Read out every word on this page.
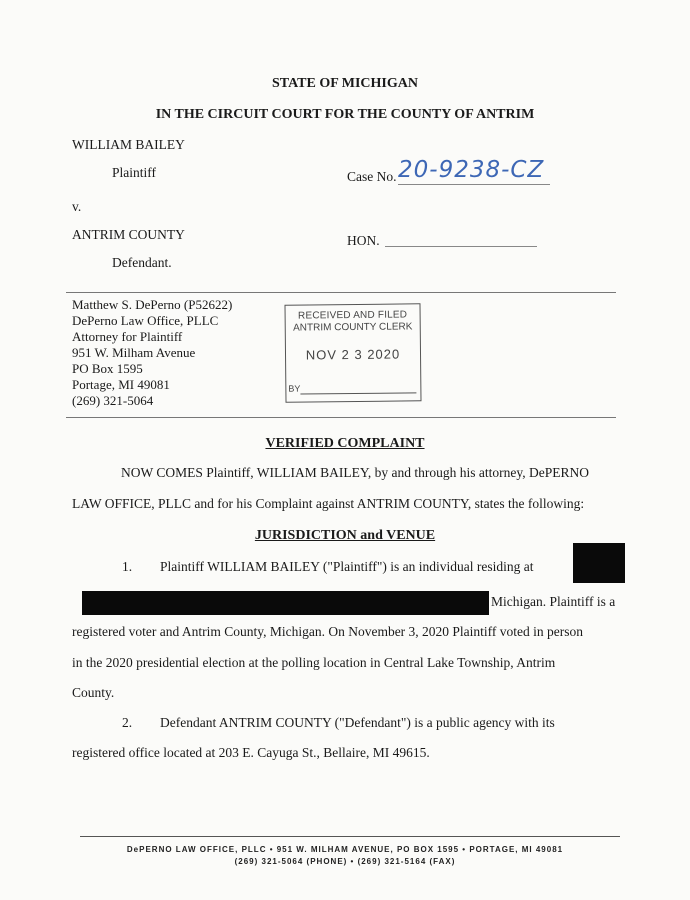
STATE OF MICHIGAN
IN THE CIRCUIT COURT FOR THE COUNTY OF ANTRIM
WILLIAM BAILEY
Plaintiff	Case No. 20-9238-CZ
v.
ANTRIM COUNTY	HON.
Defendant.
Matthew S. DePerno (P52622)
DePerno Law Office, PLLC
Attorney for Plaintiff
951 W. Milham Avenue
PO Box 1595
Portage, MI 49081
(269) 321-5064
RECEIVED AND FILED
ANTRIM COUNTY CLERK
NOV 2 3 2020
BY
VERIFIED COMPLAINT
NOW COMES Plaintiff, WILLIAM BAILEY, by and through his attorney, DePERNO
LAW OFFICE, PLLC and for his Complaint against ANTRIM COUNTY, states the following:
JURISDICTION and VENUE
1. Plaintiff WILLIAM BAILEY ("Plaintiff") is an individual residing at
Michigan. Plaintiff is a
registered voter and Antrim County, Michigan. On November 3, 2020 Plaintiff voted in person
in the 2020 presidential election at the polling location in Central Lake Township, Antrim
County.
2. Defendant ANTRIM COUNTY ("Defendant") is a public agency with its
registered office located at 203 E. Cayuga St., Bellaire, MI 49615.
DePERNO LAW OFFICE, PLLC • 951 W. MILHAM AVENUE, PO BOX 1595 • PORTAGE, MI 49081
(269) 321-5064 (PHONE) • (269) 321-5164 (FAX)
